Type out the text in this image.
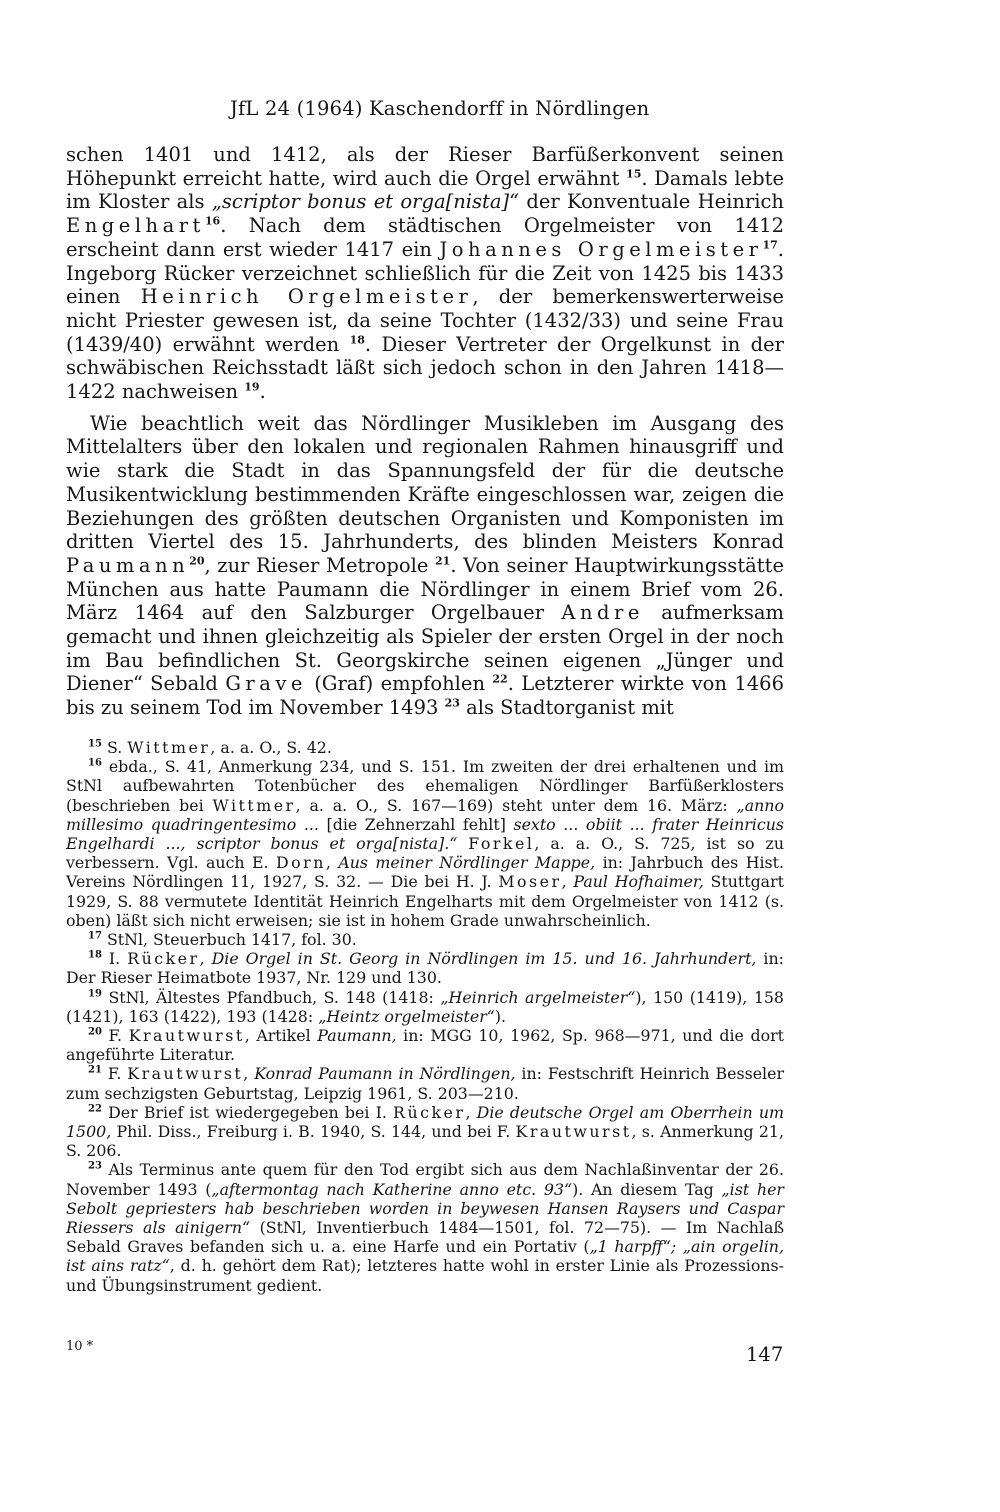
JfL 24 (1964) Kaschendorff in Nördlingen

schen 1401 und 1412, als der Rieser Barfüßerkonvent seinen Höhepunkt erreicht hatte, wird auch die Orgel erwähnt $^{15}$. Damals lebte im Kloster als „scriptor bonus et orga[nista]“ der Konventuale Heinrich Engelhart$^{16}$. Nach dem städtischen Orgelmeister von 1412 erscheint dann erst wieder 1417 ein Johannes Orgelmeister$^{17}$. Ingeborg Rücker verzeichnet schließlich für die Zeit von 1425 bis 1433 einen Heinrich Orgelmeister, der bemerkenswerterweise nicht Priester gewesen ist, da seine Tochter (1432/33) und seine Frau (1439/40) erwähnt werden $^{18}$. Dieser Vertreter der Orgelkunst in der schwäbischen Reichsstadt läßt sich jedoch schon in den Jahren 1418—1422 nachweisen $^{19}$.

Wie beachtlich weit das Nördlinger Musikleben im Ausgang des Mittelalters über den lokalen und regionalen Rahmen hinausgriff und wie stark die Stadt in das Spannungsfeld der für die deutsche Musikentwicklung bestimmenden Kräfte eingeschlossen war, zeigen die Beziehungen des größten deutschen Organisten und Komponisten im dritten Viertel des 15. Jahrhunderts, des blinden Meisters Konrad Paumann$^{20}$, zur Rieser Metropole $^{21}$. Von seiner Hauptwirkungsstätte München aus hatte Paumann die Nördlinger in einem Brief vom 26. März 1464 auf den Salzburger Orgelbauer Andre aufmerksam gemacht und ihnen gleichzeitig als Spieler der ersten Orgel in der noch im Bau befindlichen St. Georgskirche seinen eigenen „Jünger und Diener“ Sebald Grave (Graf) empfohlen $^{22}$. Letzterer wirkte von 1466 bis zu seinem Tod im November 1493 $^{23}$ als Stadtorganist mit

$^{15}$ S. Wittmer, a. a. O., S. 42.

$^{16}$ ebda., S. 41, Anmerkung 234, und S. 151. Im zweiten der drei erhaltenen und im StNl aufbewahrten Totenbücher des ehemaligen Nördlinger Barfüßerklosters (beschrieben bei Wittmer, a. a. O., S. 167—169) steht unter dem 16. März: „anno millesimo quadringentesimo ... [die Zehnerzahl fehlt] sexto ... obiit ... frater Heinricus Engelhardi ..., scriptor bonus et orga[nista].“ Forkel, a. a. O., S. 725, ist so zu verbessern. Vgl. auch E. Dorn, Aus meiner Nördlinger Mappe, in: Jahrbuch des Hist. Vereins Nördlingen 11, 1927, S. 32. — Die bei H. J. Moser, Paul Hofhaimer, Stuttgart 1929, S. 88 vermutete Identität Heinrich Engelharts mit dem Orgelmeister von 1412 (s. oben) läßt sich nicht erweisen; sie ist in hohem Grade unwahrscheinlich.

$^{17}$ StNl, Steuerbuch 1417, fol. 30.

$^{18}$ I. Rücker, Die Orgel in St. Georg in Nördlingen im 15. und 16. Jahrhundert, in: Der Rieser Heimatbote 1937, Nr. 129 und 130.

$^{19}$ StNl, Ältestes Pfandbuch, S. 148 (1418: „Heinrich argelmeister“), 150 (1419), 158 (1421), 163 (1422), 193 (1428: „Heintz orgelmeister“).

$^{20}$ F. Krautwurst, Artikel Paumann, in: MGG 10, 1962, Sp. 968—971, und die dort angeführte Literatur.

$^{21}$ F. Krautwurst, Konrad Paumann in Nördlingen, in: Festschrift Heinrich Besseler zum sechzigsten Geburtstag, Leipzig 1961, S. 203—210.

$^{22}$ Der Brief ist wiedergegeben bei I. Rücker, Die deutsche Orgel am Oberrhein um 1500, Phil. Diss., Freiburg i. B. 1940, S. 144, und bei F. Krautwurst, s. Anmerkung 21, S. 206.

$^{23}$ Als Terminus ante quem für den Tod ergibt sich aus dem Nachlaßinventar der 26. November 1493 („aftermontag nach Katherine anno etc. 93“). An diesem Tag „ist her Sebolt gepriesters hab beschrieben worden in beywesen Hansen Raysers und Caspar Riessers als ainigern“ (StNl, Inventierbuch 1484—1501, fol. 72—75). — Im Nachlaß Sebald Graves befanden sich u. a. eine Harfe und ein Portativ („1 harpff“; „ain orgelin, ist ains ratz“, d. h. gehört dem Rat); letzteres hatte wohl in erster Linie als Prozessions- und Übungsinstrument gedient.

10 *	147
